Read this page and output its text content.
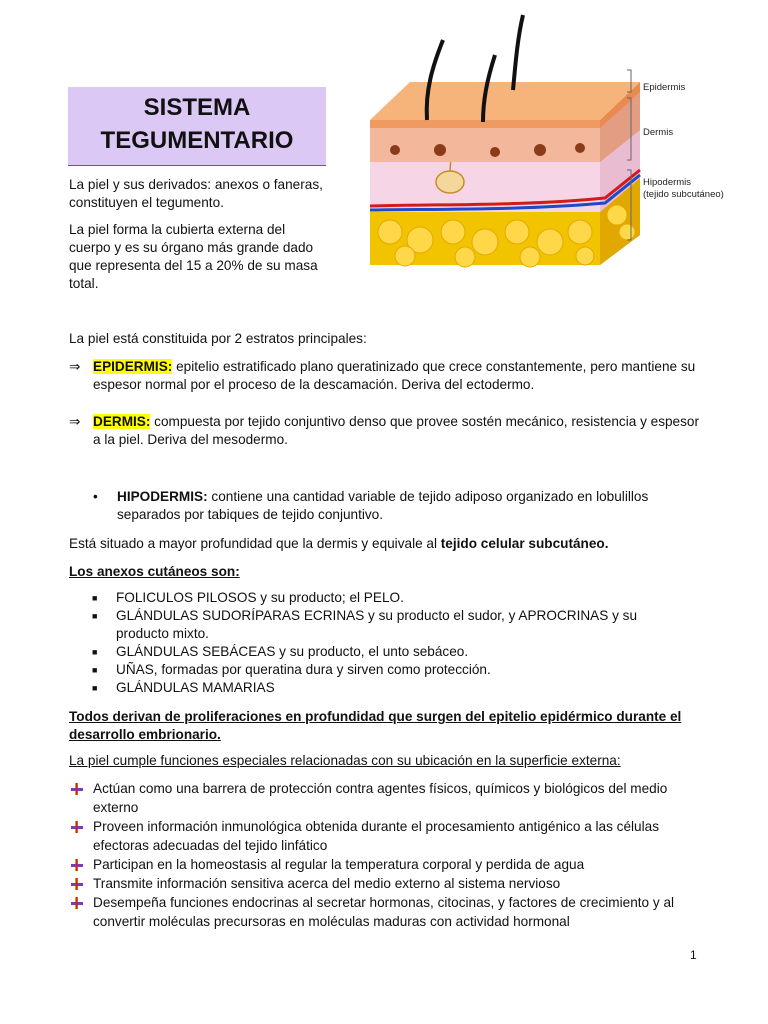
SISTEMA
TEGUMENTARIO
La piel y sus derivados: anexos o faneras, constituyen el tegumento.
La piel forma la cubierta externa del cuerpo y es su órgano más grande dado que representa del 15 a 20% de su masa total.
Epidermis
Dermis
Hipodermis
(tejido subcutáneo)
La piel está constituida por 2 estratos principales:
⇒ EPIDERMIS: epitelio estratificado plano queratinizado que crece constantemente, pero mantiene su espesor normal por el proceso de la descamación. Deriva del ectodermo.
⇒ DERMIS: compuesta por tejido conjuntivo denso que provee sostén mecánico, resistencia y espesor a la piel. Deriva del mesodermo.
• HIPODERMIS: contiene una cantidad variable de tejido adiposo organizado en lobulillos separados por tabiques de tejido conjuntivo.
Está situado a mayor profundidad que la dermis y equivale al tejido celular subcutáneo.
Los anexos cutáneos son:
■ FOLICULOS PILOSOS y su producto; el PELO.
■ GLÁNDULAS SUDORÍPARAS ECRINAS y su producto el sudor, y APROCRINAS y su producto mixto.
■ GLÁNDULAS SEBÁCEAS y su producto, el unto sebáceo.
■ UÑAS, formadas por queratina dura y sirven como protección.
■ GLÁNDULAS MAMARIAS
Todos derivan de proliferaciones en profundidad que surgen del epitelio epidérmico durante el desarrollo embrionario.
La piel cumple funciones especiales relacionadas con su ubicación en la superficie externa:
Actúan como una barrera de protección contra agentes físicos, químicos y biológicos del medio externo
Proveen información inmunológica obtenida durante el procesamiento antigénico a las células efectoras adecuadas del tejido linfático
Participan en la homeostasis al regular la temperatura corporal y perdida de agua
Transmite información sensitiva acerca del medio externo al sistema nervioso
Desempeña funciones endocrinas al secretar hormonas, citocinas, y factores de crecimiento y al convertir moléculas precursoras en moléculas maduras con actividad hormonal
1
